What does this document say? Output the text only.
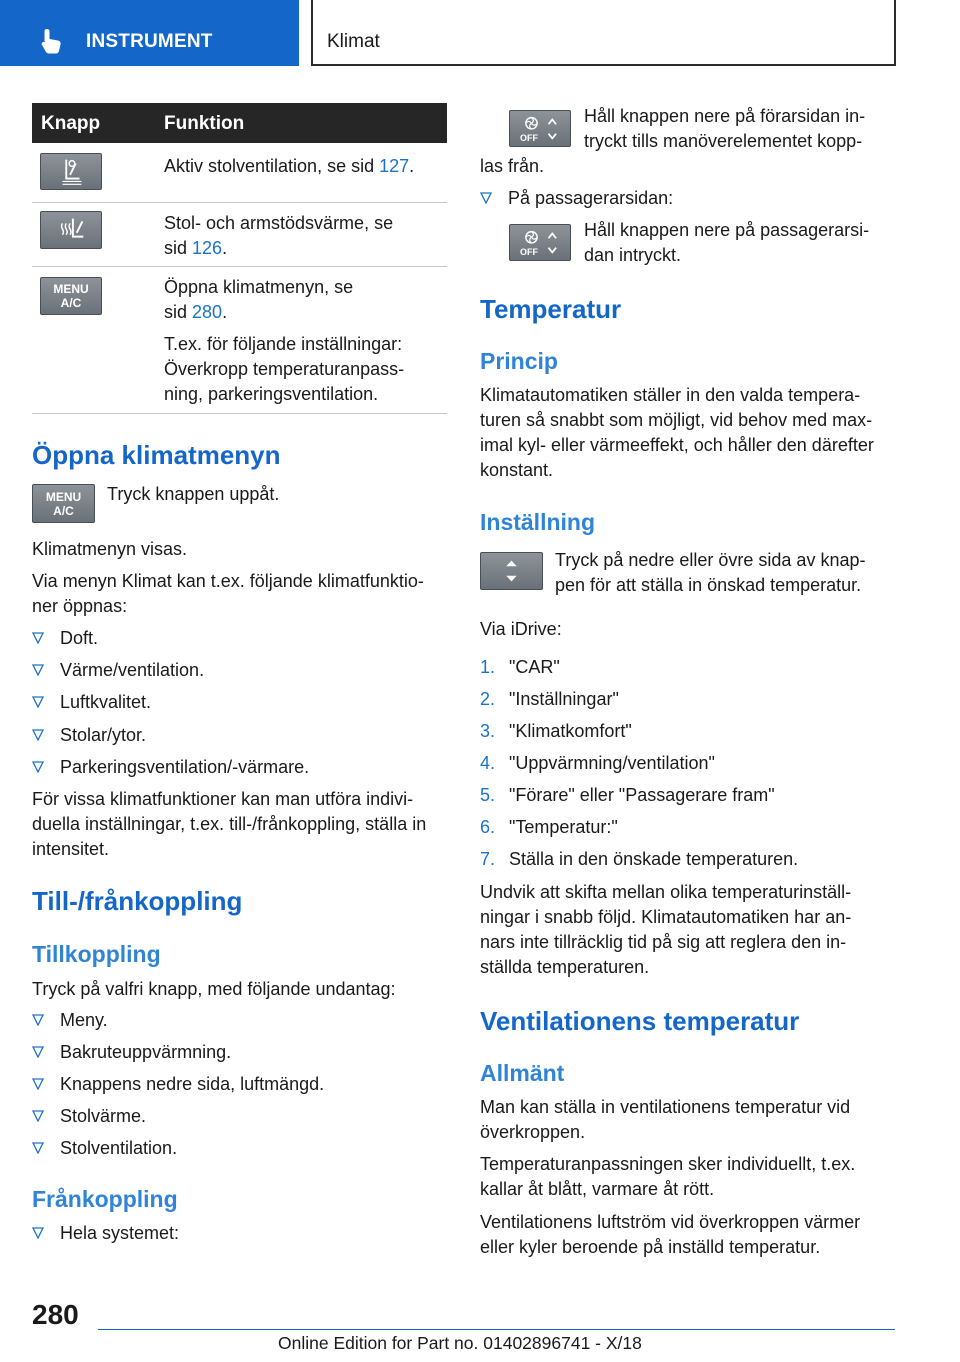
INSTRUMENT	Klimat
Knapp	Funktion
Aktiv stolventilation, se sid 127.
Stol- och armstödsvärme, se
sid 126.
MENU
A/C
Öppna klimatmenyn, se
sid 280.
T.ex. för följande inställningar:
Överkropp temperaturanpass-
ning, parkeringsventilation.
Öppna klimatmenyn
MENU
A/C
Tryck knappen uppåt.
Klimatmenyn visas.
Via menyn Klimat kan t.ex. följande klimatfunktio-
ner öppnas:
Doft.
Värme/ventilation.
Luftkvalitet.
Stolar/ytor.
Parkeringsventilation/-värmare.
För vissa klimatfunktioner kan man utföra indivi-
duella inställningar, t.ex. till-/frånkoppling, ställa in
intensitet.
Till-/frånkoppling
Tillkoppling
Tryck på valfri knapp, med följande undantag:
Meny.
Bakruteuppvärmning.
Knappens nedre sida, luftmängd.
Stolvärme.
Stolventilation.
Frånkoppling
Hela systemet:
OFF
Håll knappen nere på förarsidan in-
tryckt tills manöverelementet kopp-
las från.
På passagerarsidan:
OFF
Håll knappen nere på passagerarsi-
dan intryckt.
Temperatur
Princip
Klimatautomatiken ställer in den valda tempera-
turen så snabbt som möjligt, vid behov med max-
imal kyl- eller värmeeffekt, och håller den därefter
konstant.
Inställning
Tryck på nedre eller övre sida av knap-
pen för att ställa in önskad temperatur.
Via iDrive:
1. "CAR"
2. "Inställningar"
3. "Klimatkomfort"
4. "Uppvärmning/ventilation"
5. "Förare" eller "Passagerare fram"
6. "Temperatur:"
7. Ställa in den önskade temperaturen.
Undvik att skifta mellan olika temperaturinställ-
ningar i snabb följd. Klimatautomatiken har an-
nars inte tillräcklig tid på sig att reglera den in-
ställda temperaturen.
Ventilationens temperatur
Allmänt
Man kan ställa in ventilationens temperatur vid
överkroppen.
Temperaturanpassningen sker individuellt, t.ex.
kallar åt blått, varmare åt rött.
Ventilationens luftström vid överkroppen värmer
eller kyler beroende på inställd temperatur.
280
Online Edition for Part no. 01402896741 - X/18
